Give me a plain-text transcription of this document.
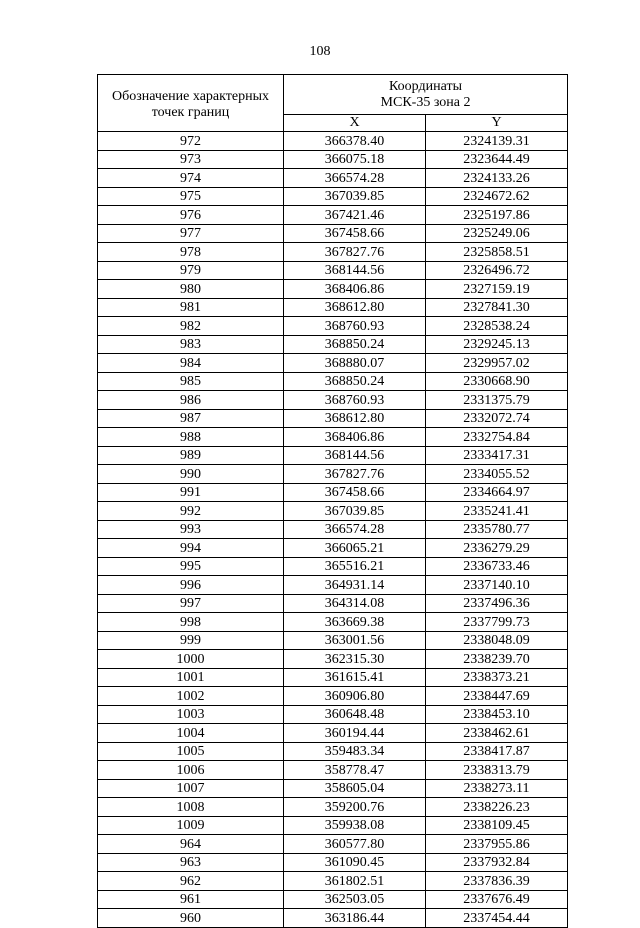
108
Обозначение характерных точек границ	Координаты
МСК-35 зона 2	

	X	Y
972	366378.40	2324139.31
973	366075.18	2323644.49
974	366574.28	2324133.26
975	367039.85	2324672.62
976	367421.46	2325197.86
977	367458.66	2325249.06
978	367827.76	2325858.51
979	368144.56	2326496.72
980	368406.86	2327159.19
981	368612.80	2327841.30
982	368760.93	2328538.24
983	368850.24	2329245.13
984	368880.07	2329957.02
985	368850.24	2330668.90
986	368760.93	2331375.79
987	368612.80	2332072.74
988	368406.86	2332754.84
989	368144.56	2333417.31
990	367827.76	2334055.52
991	367458.66	2334664.97
992	367039.85	2335241.41
993	366574.28	2335780.77
994	366065.21	2336279.29
995	365516.21	2336733.46
996	364931.14	2337140.10
997	364314.08	2337496.36
998	363669.38	2337799.73
999	363001.56	2338048.09
1000	362315.30	2338239.70
1001	361615.41	2338373.21
1002	360906.80	2338447.69
1003	360648.48	2338453.10
1004	360194.44	2338462.61
1005	359483.34	2338417.87
1006	358778.47	2338313.79
1007	358605.04	2338273.11
1008	359200.76	2338226.23
1009	359938.08	2338109.45
964	360577.80	2337955.86
963	361090.45	2337932.84
962	361802.51	2337836.39
961	362503.05	2337676.49
960	363186.44	2337454.44
